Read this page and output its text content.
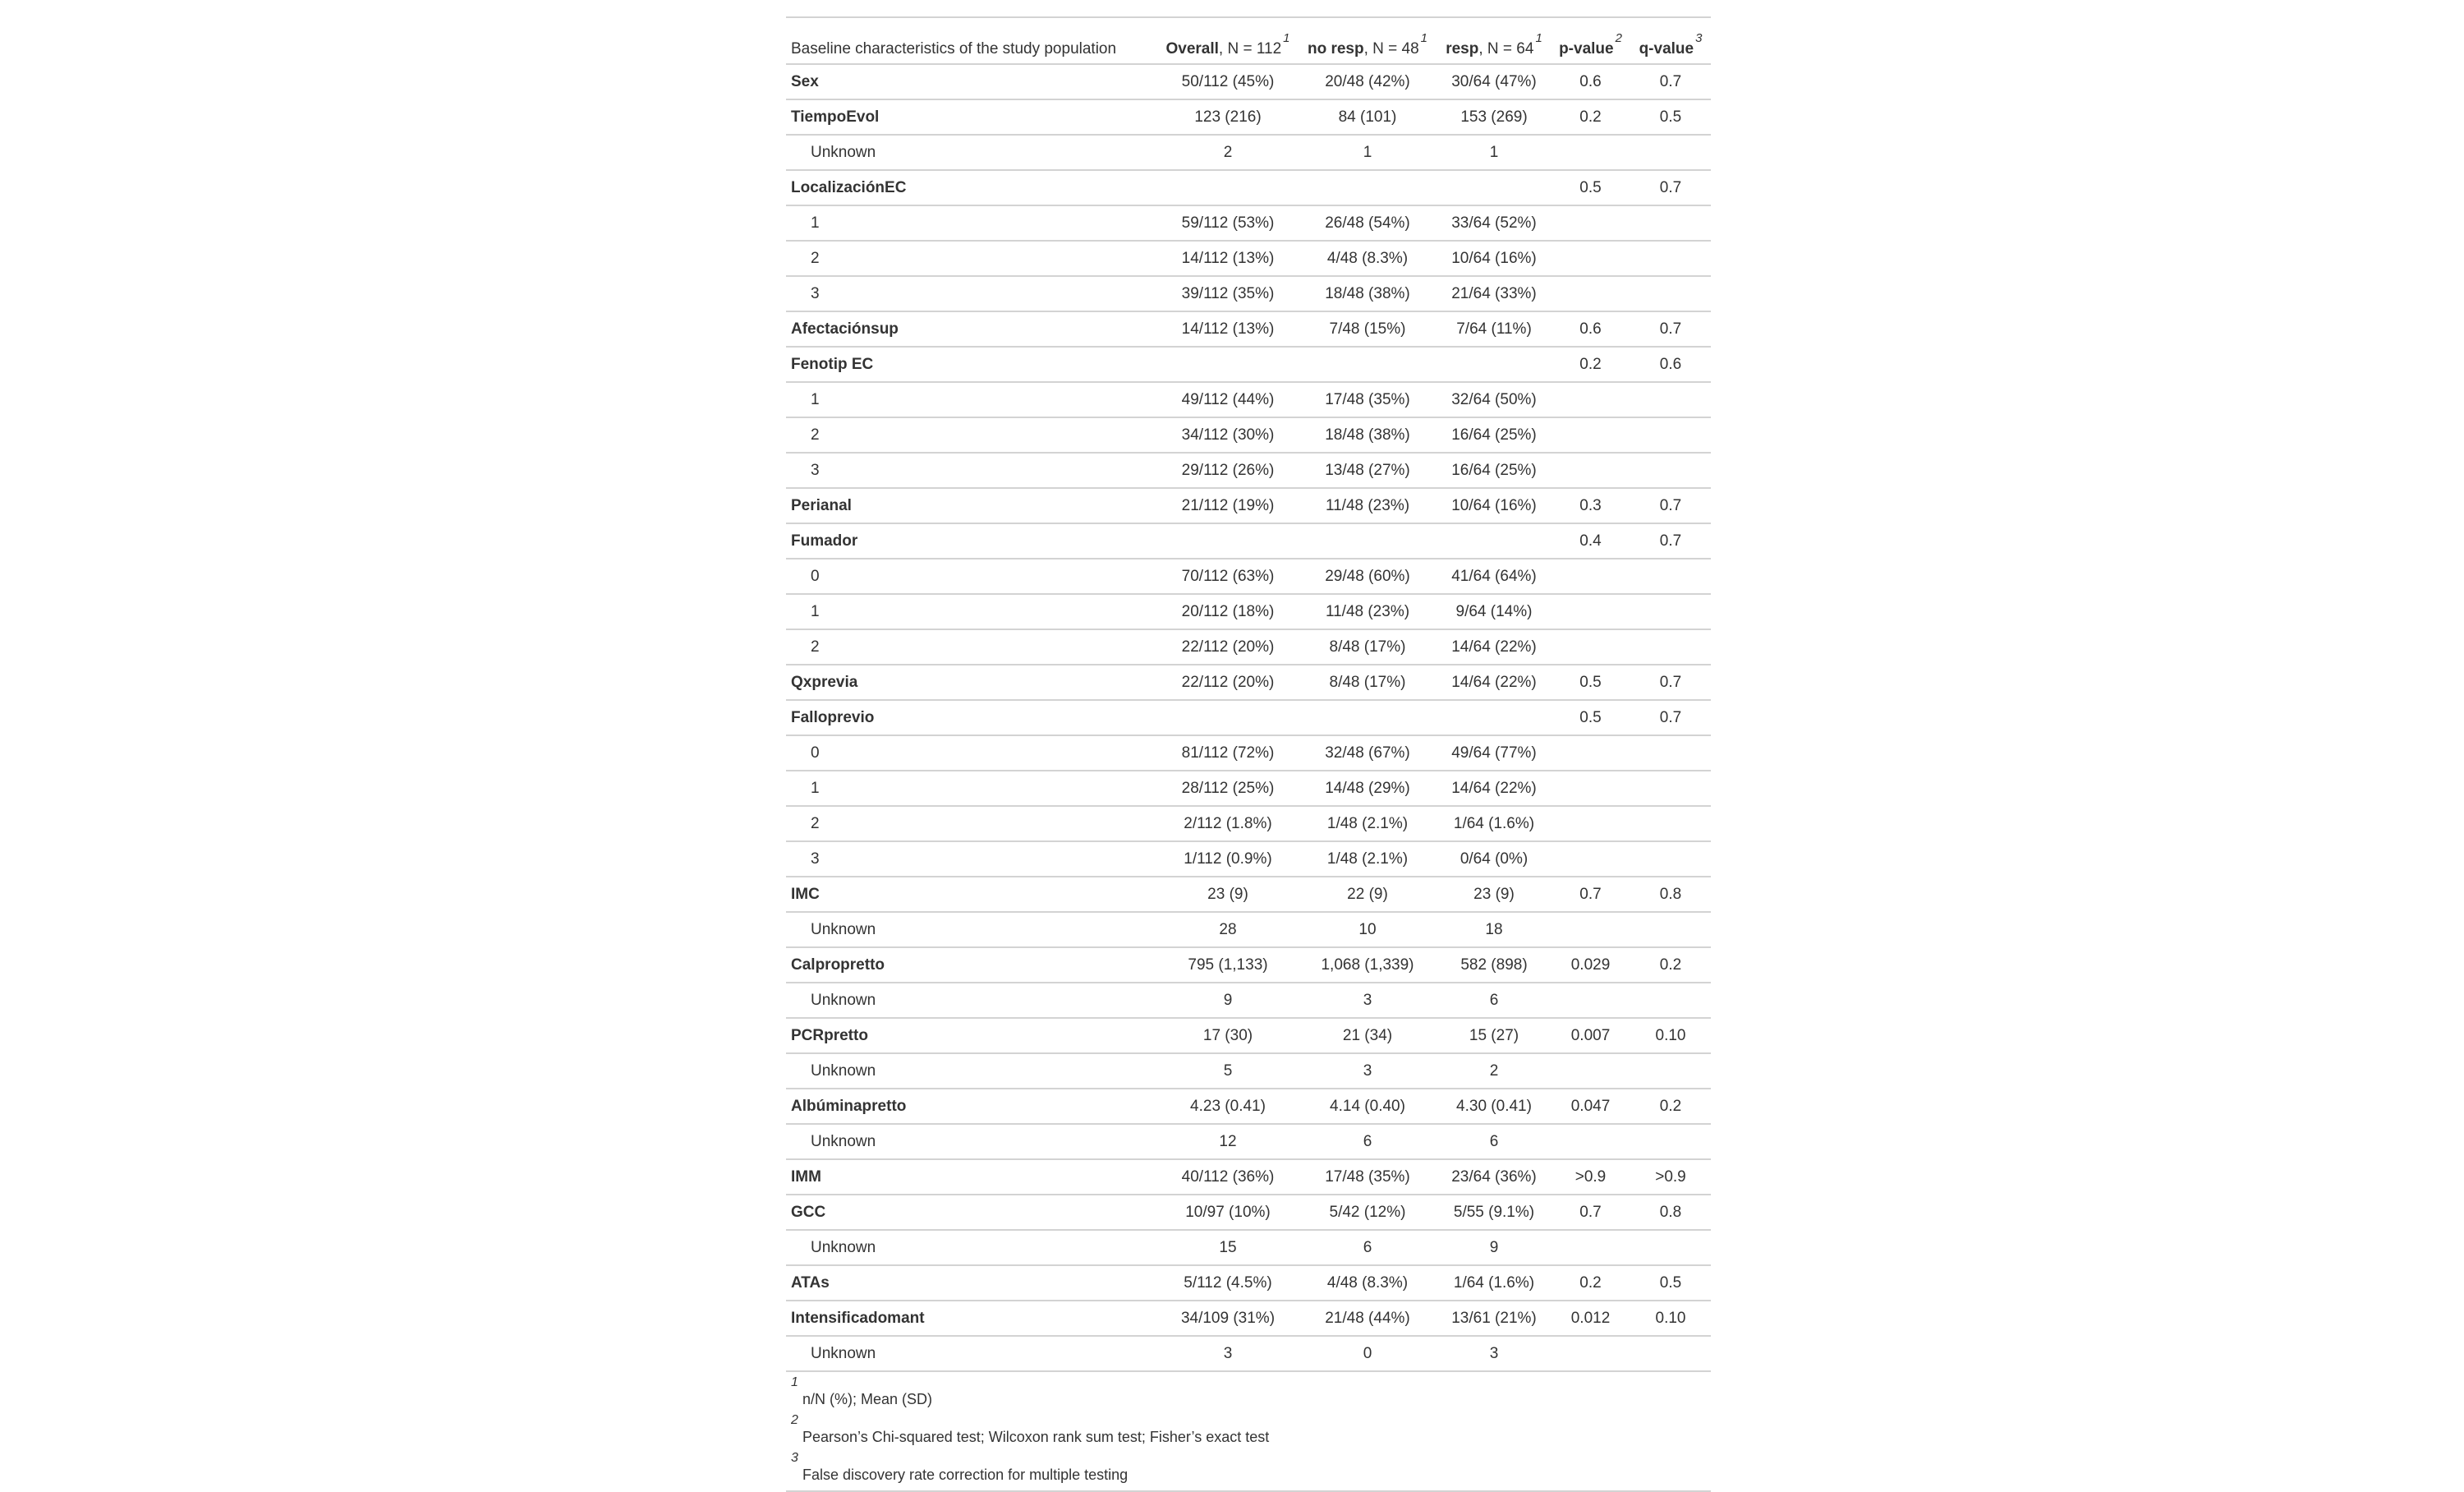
Baseline characteristics of the study population	Overall, $N = 112^1$	no resp, $N = 48^1$	resp, $N = 64^1$	p-value$^2$	q-value$^3$
Sex	50/112 (45%)	20/48 (42%)	30/64 (47%)	0.6	0.7
TiempoEvol	123 (216)	84 (101)	153 (269)	0.2	0.5
Unknown	2	1	1		
LocalizaciónEC				0.5	0.7
1	59/112 (53%)	26/48 (54%)	33/64 (52%)		
2	14/112 (13%)	4/48 (8.3%)	10/64 (16%)		
3	39/112 (35%)	18/48 (38%)	21/64 (33%)		
Afectaciónsup	14/112 (13%)	7/48 (15%)	7/64 (11%)	0.6	0.7
Fenotip EC				0.2	0.6
1	49/112 (44%)	17/48 (35%)	32/64 (50%)		
2	34/112 (30%)	18/48 (38%)	16/64 (25%)		
3	29/112 (26%)	13/48 (27%)	16/64 (25%)		
Perianal	21/112 (19%)	11/48 (23%)	10/64 (16%)	0.3	0.7
Fumador				0.4	0.7
0	70/112 (63%)	29/48 (60%)	41/64 (64%)		
1	20/112 (18%)	11/48 (23%)	9/64 (14%)		
2	22/112 (20%)	8/48 (17%)	14/64 (22%)		
Qxprevia	22/112 (20%)	8/48 (17%)	14/64 (22%)	0.5	0.7
Falloprevio				0.5	0.7
0	81/112 (72%)	32/48 (67%)	49/64 (77%)		
1	28/112 (25%)	14/48 (29%)	14/64 (22%)		
2	2/112 (1.8%)	1/48 (2.1%)	1/64 (1.6%)		
3	1/112 (0.9%)	1/48 (2.1%)	0/64 (0%)		
IMC	23 (9)	22 (9)	23 (9)	0.7	0.8
Unknown	28	10	18		
Calpropretto	795 (1,133)	1,068 (1,339)	582 (898)	0.029	0.2
Unknown	9	3	6		
PCRpretto	17 (30)	21 (34)	15 (27)	0.007	0.10
Unknown	5	3	2		
Albúminapretto	4.23 (0.41)	4.14 (0.40)	4.30 (0.41)	0.047	0.2
Unknown	12	6	6		
IMM	40/112 (36%)	17/48 (35%)	23/64 (36%)	>0.9	>0.9
GCC	10/97 (10%)	5/42 (12%)	5/55 (9.1%)	0.7	0.8
Unknown	15	6	9		
ATAs	5/112 (4.5%)	4/48 (8.3%)	1/64 (1.6%)	0.2	0.5
Intensificadomant	34/109 (31%)	21/48 (44%)	13/61 (21%)	0.012	0.10
Unknown	3	0	3		

1
n/N (%); Mean (SD)					

2
Pearson’s Chi-squared test; Wilcoxon rank sum test; Fisher’s exact test					

3
False discovery rate correction for multiple testing					
